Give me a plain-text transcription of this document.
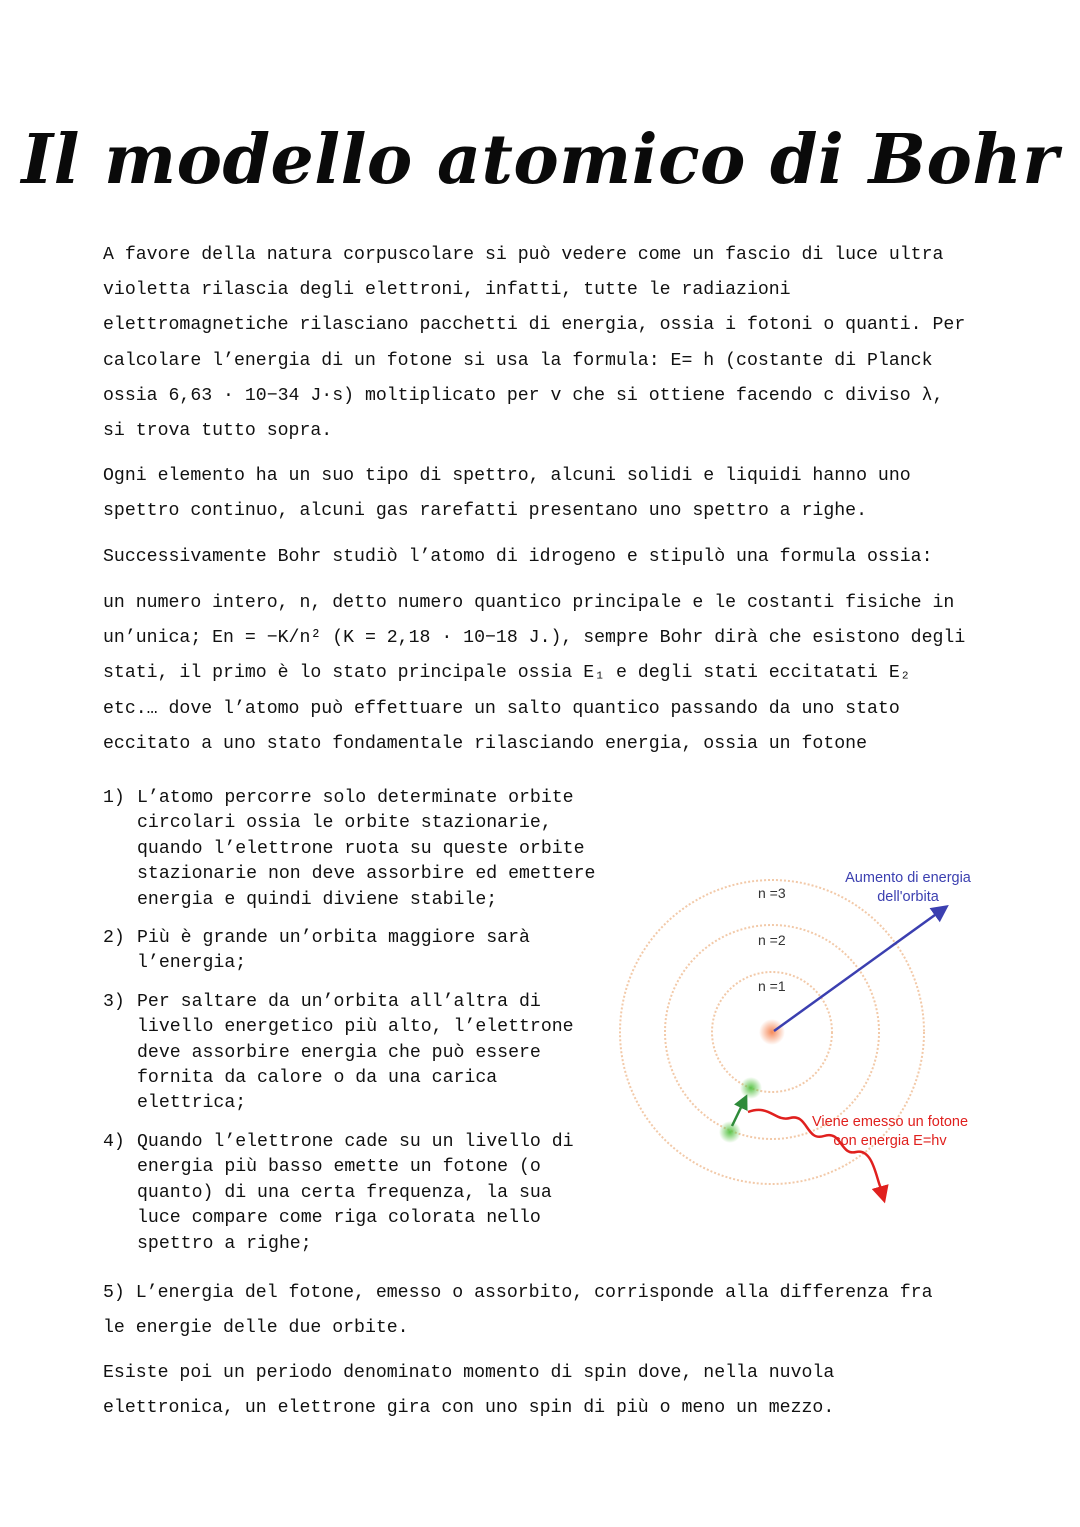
Il modello atomico di Bohr

A favore della natura corpuscolare si può vedere come un fascio di luce ultra
violetta rilascia degli elettroni, infatti, tutte le radiazioni
elettromagnetiche rilasciano pacchetti di energia, ossia i fotoni o quanti. Per
calcolare l’energia di un fotone si usa la formula: E= h (costante di Planck
ossia 6,63 · 10−34 J·s) moltiplicato per v che si ottiene facendo c diviso λ,
si trova tutto sopra.

Ogni elemento ha un suo tipo di spettro, alcuni solidi e liquidi hanno uno
spettro continuo, alcuni gas rarefatti presentano uno spettro a righe.

Successivamente Bohr studiò l’atomo di idrogeno e stipulò una formula ossia:

un numero intero, n, detto numero quantico principale e le costanti fisiche in
un’unica; En = −K/n² (K = 2,18 · 10−18 J.), sempre Bohr dirà che esistono degli
stati, il primo è lo stato principale ossia E₁ e degli stati eccitatati E₂
etc.… dove l’atomo può effettuare un salto quantico passando da uno stato
eccitato a uno stato fondamentale rilasciando energia, ossia un fotone

1) L’atomo percorre solo determinate orbite
circolari ossia le orbite stazionarie,
quando l’elettrone ruota su queste orbite
stazionarie non deve assorbire ed emettere
energia e quindi diviene stabile;
2) Più è grande un’orbita maggiore sarà
l’energia;
3) Per saltare da un’orbita all’altra di
livello energetico più alto, l’elettrone
deve assorbire energia che può essere
fornita da calore o da una carica
elettrica;
4) Quando l’elettrone cade su un livello di
energia più basso emette un fotone (o
quanto) di una certa frequenza, la sua
luce compare come riga colorata nello
spettro a righe;

5) L’energia del fotone, emesso o assorbito, corrisponde alla differenza fra
le energie delle due orbite.

Esiste poi un periodo denominato momento di spin dove, nella nuvola
elettronica, un elettrone gira con uno spin di più o meno un mezzo.

n =3
n =2
n =1
Aumento di energia
dell'orbita
Viene emesso un fotone
con energia E=hv
